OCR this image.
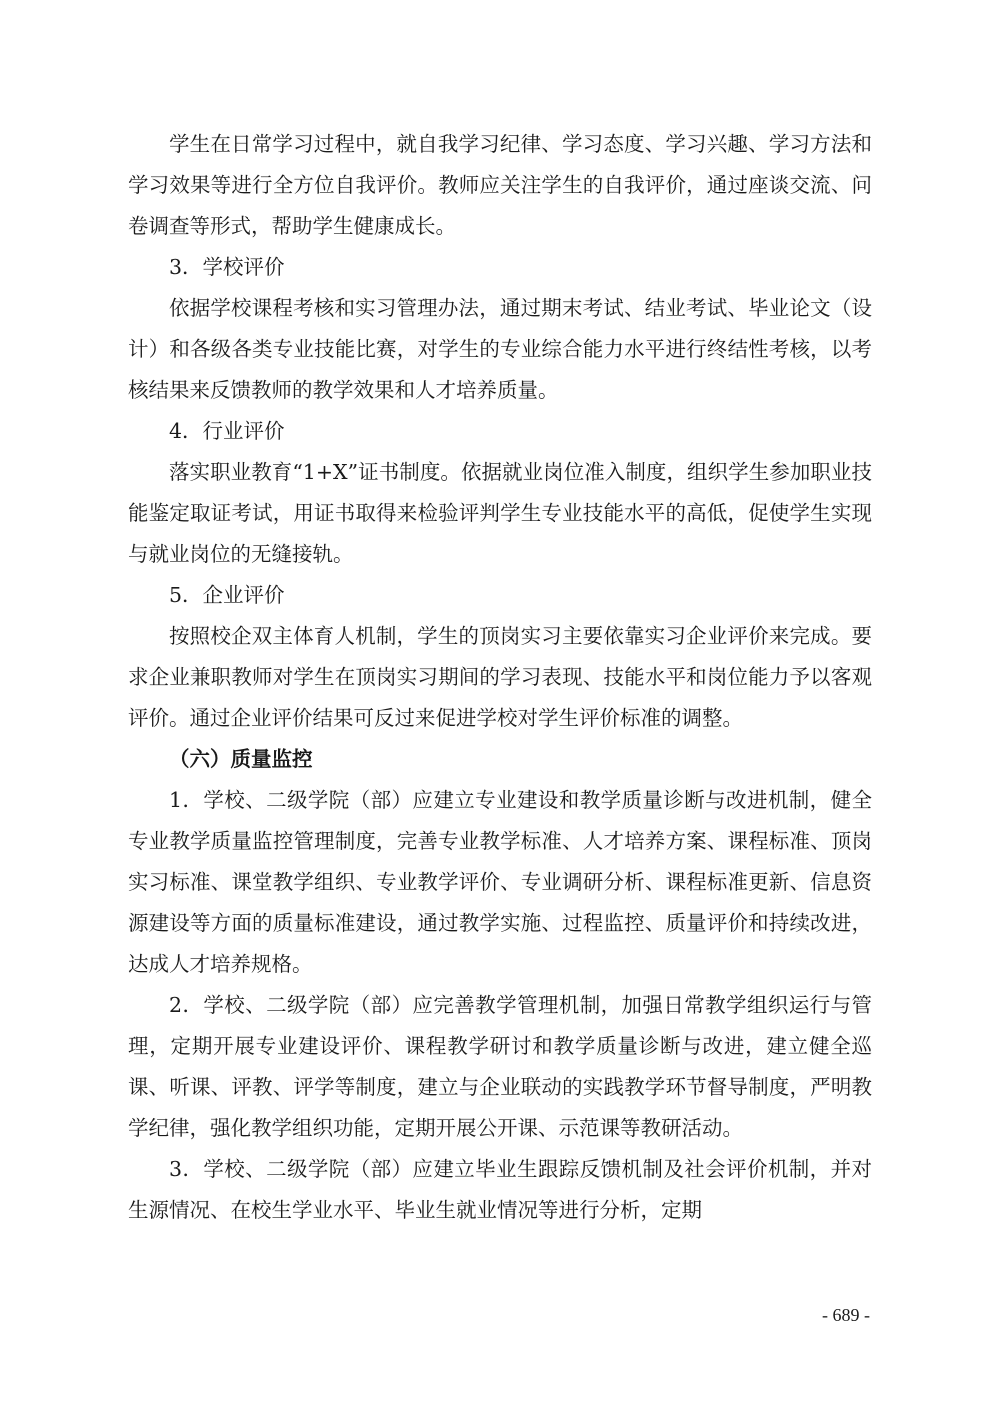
学生在日常学习过程中，就自我学习纪律、学习态度、学习兴趣、学习方法和学习效果等进行全方位自我评价。教师应关注学生的自我评价，通过座谈交流、问卷调查等形式，帮助学生健康成长。

3．学校评价

依据学校课程考核和实习管理办法，通过期末考试、结业考试、毕业论文（设计）和各级各类专业技能比赛，对学生的专业综合能力水平进行终结性考核，以考核结果来反馈教师的教学效果和人才培养质量。

4．行业评价

落实职业教育“1+X”证书制度。依据就业岗位准入制度，组织学生参加职业技能鉴定取证考试，用证书取得来检验评判学生专业技能水平的高低，促使学生实现与就业岗位的无缝接轨。

5．企业评价

按照校企双主体育人机制，学生的顶岗实习主要依靠实习企业评价来完成。要求企业兼职教师对学生在顶岗实习期间的学习表现、技能水平和岗位能力予以客观评价。通过企业评价结果可反过来促进学校对学生评价标准的调整。

（六）质量监控

1．学校、二级学院（部）应建立专业建设和教学质量诊断与改进机制，健全专业教学质量监控管理制度，完善专业教学标准、人才培养方案、课程标准、顶岗实习标准、课堂教学组织、专业教学评价、专业调研分析、课程标准更新、信息资源建设等方面的质量标准建设，通过教学实施、过程监控、质量评价和持续改进，达成人才培养规格。

2．学校、二级学院（部）应完善教学管理机制，加强日常教学组织运行与管理，定期开展专业建设评价、课程教学研讨和教学质量诊断与改进，建立健全巡课、听课、评教、评学等制度，建立与企业联动的实践教学环节督导制度，严明教学纪律，强化教学组织功能，定期开展公开课、示范课等教研活动。

3．学校、二级学院（部）应建立毕业生跟踪反馈机制及社会评价机制，并对生源情况、在校生学业水平、毕业生就业情况等进行分析，定期

- 689 -
